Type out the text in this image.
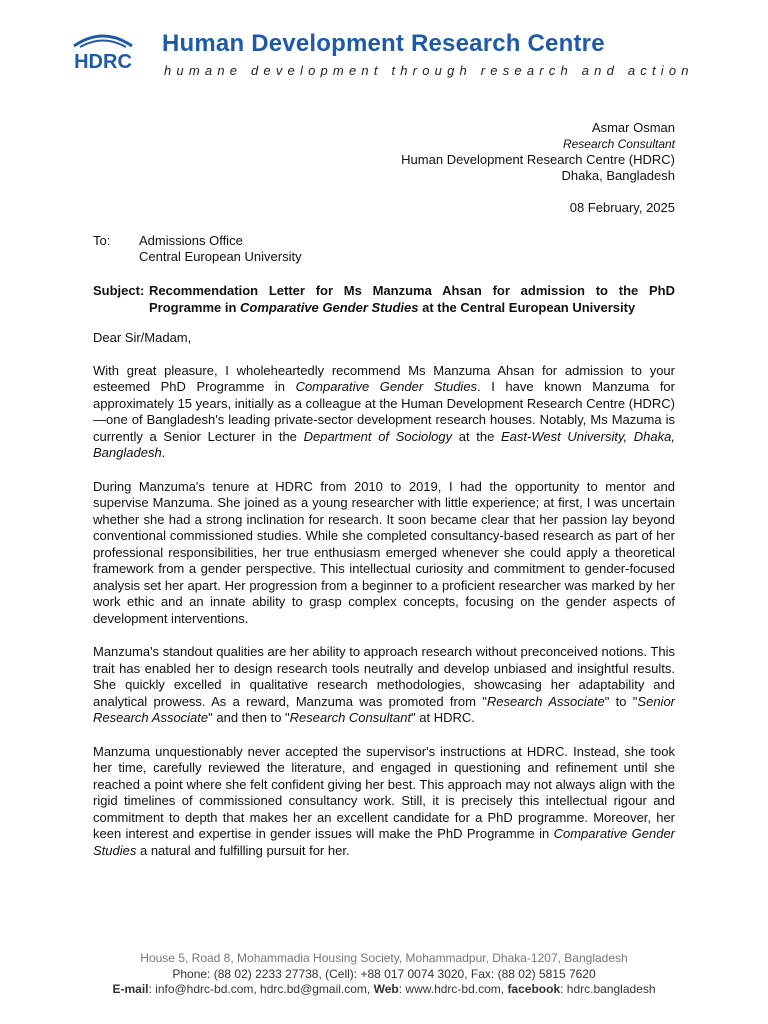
HDRC
Human Development Research Centre
humane development through research and action
Asmar Osman
Research Consultant
Human Development Research Centre (HDRC)
Dhaka, Bangladesh
08 February, 2025
To: Admissions Office
Central European University
Subject: Recommendation Letter for Ms Manzuma Ahsan for admission to the PhD Programme in Comparative Gender Studies at the Central European University

Dear Sir/Madam,

With great pleasure, I wholeheartedly recommend Ms Manzuma Ahsan for admission to your esteemed PhD Programme in Comparative Gender Studies. I have known Manzuma for approximately 15 years, initially as a colleague at the Human Development Research Centre (HDRC)—one of Bangladesh's leading private-sector development research houses. Notably, Ms Mazuma is currently a Senior Lecturer in the Department of Sociology at the East-West University, Dhaka, Bangladesh.

During Manzuma's tenure at HDRC from 2010 to 2019, I had the opportunity to mentor and supervise Manzuma. She joined as a young researcher with little experience; at first, I was uncertain whether she had a strong inclination for research. It soon became clear that her passion lay beyond conventional commissioned studies. While she completed consultancy-based research as part of her professional responsibilities, her true enthusiasm emerged whenever she could apply a theoretical framework from a gender perspective. This intellectual curiosity and commitment to gender-focused analysis set her apart. Her progression from a beginner to a proficient researcher was marked by her work ethic and an innate ability to grasp complex concepts, focusing on the gender aspects of development interventions.

Manzuma's standout qualities are her ability to approach research without preconceived notions. This trait has enabled her to design research tools neutrally and develop unbiased and insightful results. She quickly excelled in qualitative research methodologies, showcasing her adaptability and analytical prowess. As a reward, Manzuma was promoted from "Research Associate" to "Senior Research Associate" and then to "Research Consultant" at HDRC.

Manzuma unquestionably never accepted the supervisor's instructions at HDRC. Instead, she took her time, carefully reviewed the literature, and engaged in questioning and refinement until she reached a point where she felt confident giving her best. This approach may not always align with the rigid timelines of commissioned consultancy work. Still, it is precisely this intellectual rigour and commitment to depth that makes her an excellent candidate for a PhD programme. Moreover, her keen interest and expertise in gender issues will make the PhD Programme in Comparative Gender Studies a natural and fulfilling pursuit for her.

House 5, Road 8, Mohammadia Housing Society, Mohammadpur, Dhaka-1207, Bangladesh
Phone: (88 02) 2233 27738, (Cell): +88 017 0074 3020, Fax: (88 02) 5815 7620
E-mail: info@hdrc-bd.com, hdrc.bd@gmail.com, Web: www.hdrc-bd.com, facebook: hdrc.bangladesh
